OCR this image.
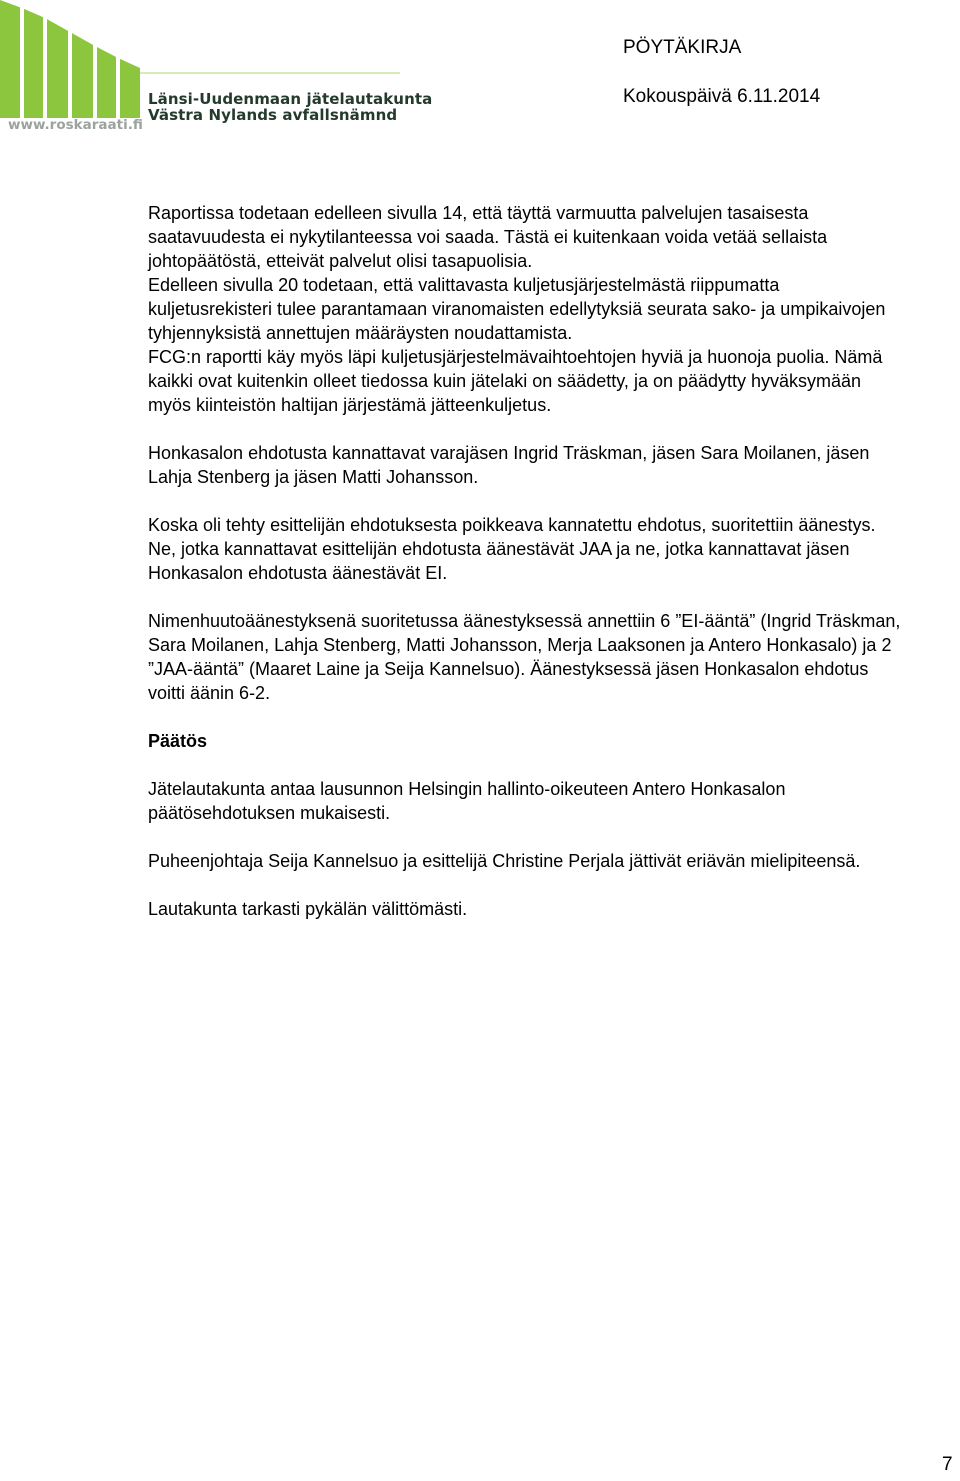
Länsi-Uudenmaan jätelautakunta
Västra Nylands avfallsnämnd
www.roskaraati.fi
PÖYTÄKIRJA
Kokouspäivä 6.11.2014

Raportissa todetaan edelleen sivulla 14, että täyttä varmuutta palvelujen tasaisesta saatavuudesta ei nykytilanteessa voi saada. Tästä ei kuitenkaan voida vetää sellaista johtopäätöstä, etteivät palvelut olisi tasapuolisia.

Edelleen sivulla 20 todetaan, että valittavasta kuljetusjärjestelmästä riippumatta kuljetusrekisteri tulee parantamaan viranomaisten edellytyksiä seurata sako- ja umpikaivojen tyhjennyksistä annettujen määräysten noudattamista.

FCG:n raportti käy myös läpi kuljetusjärjestelmävaihtoehtojen hyviä ja huonoja puolia. Nämä kaikki ovat kuitenkin olleet tiedossa kuin jätelaki on säädetty, ja on päädytty hyväksymään myös kiinteistön haltijan järjestämä jätteenkuljetus.

Honkasalon ehdotusta kannattavat varajäsen Ingrid Träskman, jäsen Sara Moilanen, jäsen Lahja Stenberg ja jäsen Matti Johansson.

Koska oli tehty esittelijän ehdotuksesta poikkeava kannatettu ehdotus, suoritettiin äänestys. Ne, jotka kannattavat esittelijän ehdotusta äänestävät JAA ja ne, jotka kannattavat jäsen Honkasalon ehdotusta äänestävät EI.

Nimenhuutoäänestyksenä suoritetussa äänestyksessä annettiin 6 ”EI-ääntä” (Ingrid Träskman, Sara Moilanen, Lahja Stenberg, Matti Johansson, Merja Laaksonen ja Antero Honkasalo) ja 2 ”JAA-ääntä” (Maaret Laine ja Seija Kannelsuo). Äänestyksessä jäsen Honkasalon ehdotus voitti äänin 6-2.

Päätös

Jätelautakunta antaa lausunnon Helsingin hallinto-oikeuteen Antero Honkasalon päätösehdotuksen mukaisesti.

Puheenjohtaja Seija Kannelsuo ja esittelijä Christine Perjala jättivät eriävän mielipiteensä.

Lautakunta tarkasti pykälän välittömästi.

7
